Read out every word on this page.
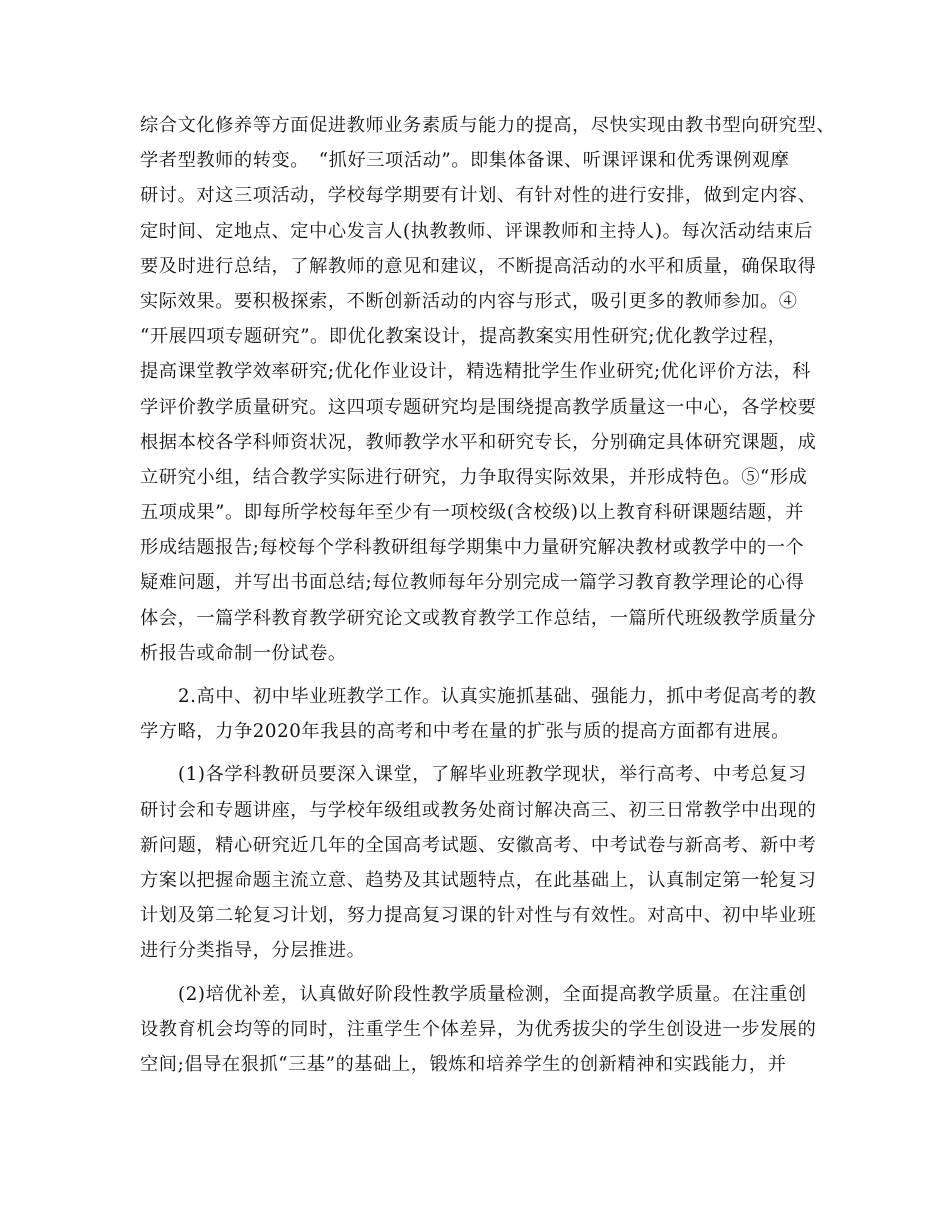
综合文化修养等方面促进教师业务素质与能力的提高，尽快实现由教书型向研究型、
学者型教师的转变。　“抓好三项活动”。即集体备课、听课评课和优秀课例观摩
研讨。对这三项活动，学校每学期要有计划、有针对性的进行安排，做到定内容、
定时间、定地点、定中心发言人(执教教师、评课教师和主持人)。每次活动结束后
要及时进行总结，了解教师的意见和建议，不断提高活动的水平和质量，确保取得
实际效果。要积极探索，不断创新活动的内容与形式，吸引更多的教师参加。④
“开展四项专题研究”。即优化教案设计，提高教案实用性研究;优化教学过程，
提高课堂教学效率研究;优化作业设计，精选精批学生作业研究;优化评价方法，科
学评价教学质量研究。这四项专题研究均是围绕提高教学质量这一中心，各学校要
根据本校各学科师资状况，教师教学水平和研究专长，分别确定具体研究课题，成
立研究小组，结合教学实际进行研究，力争取得实际效果，并形成特色。⑤“形成
五项成果”。即每所学校每年至少有一项校级(含校级)以上教育科研课题结题，并
形成结题报告;每校每个学科教研组每学期集中力量研究解决教材或教学中的一个
疑难问题，并写出书面总结;每位教师每年分别完成一篇学习教育教学理论的心得
体会，一篇学科教育教学研究论文或教育教学工作总结，一篇所代班级教学质量分
析报告或命制一份试卷。
2.高中、初中毕业班教学工作。认真实施抓基础、强能力，抓中考促高考的教
学方略，力争2020年我县的高考和中考在量的扩张与质的提高方面都有进展。
(1)各学科教研员要深入课堂，了解毕业班教学现状，举行高考、中考总复习
研讨会和专题讲座，与学校年级组或教务处商讨解决高三、初三日常教学中出现的
新问题，精心研究近几年的全国高考试题、安徽高考、中考试卷与新高考、新中考
方案以把握命题主流立意、趋势及其试题特点，在此基础上，认真制定第一轮复习
计划及第二轮复习计划，努力提高复习课的针对性与有效性。对高中、初中毕业班
进行分类指导，分层推进。
(2)培优补差，认真做好阶段性教学质量检测，全面提高教学质量。在注重创
设教育机会均等的同时，注重学生个体差异，为优秀拔尖的学生创设进一步发展的
空间;倡导在狠抓“三基”的基础上，锻炼和培养学生的创新精神和实践能力，并
